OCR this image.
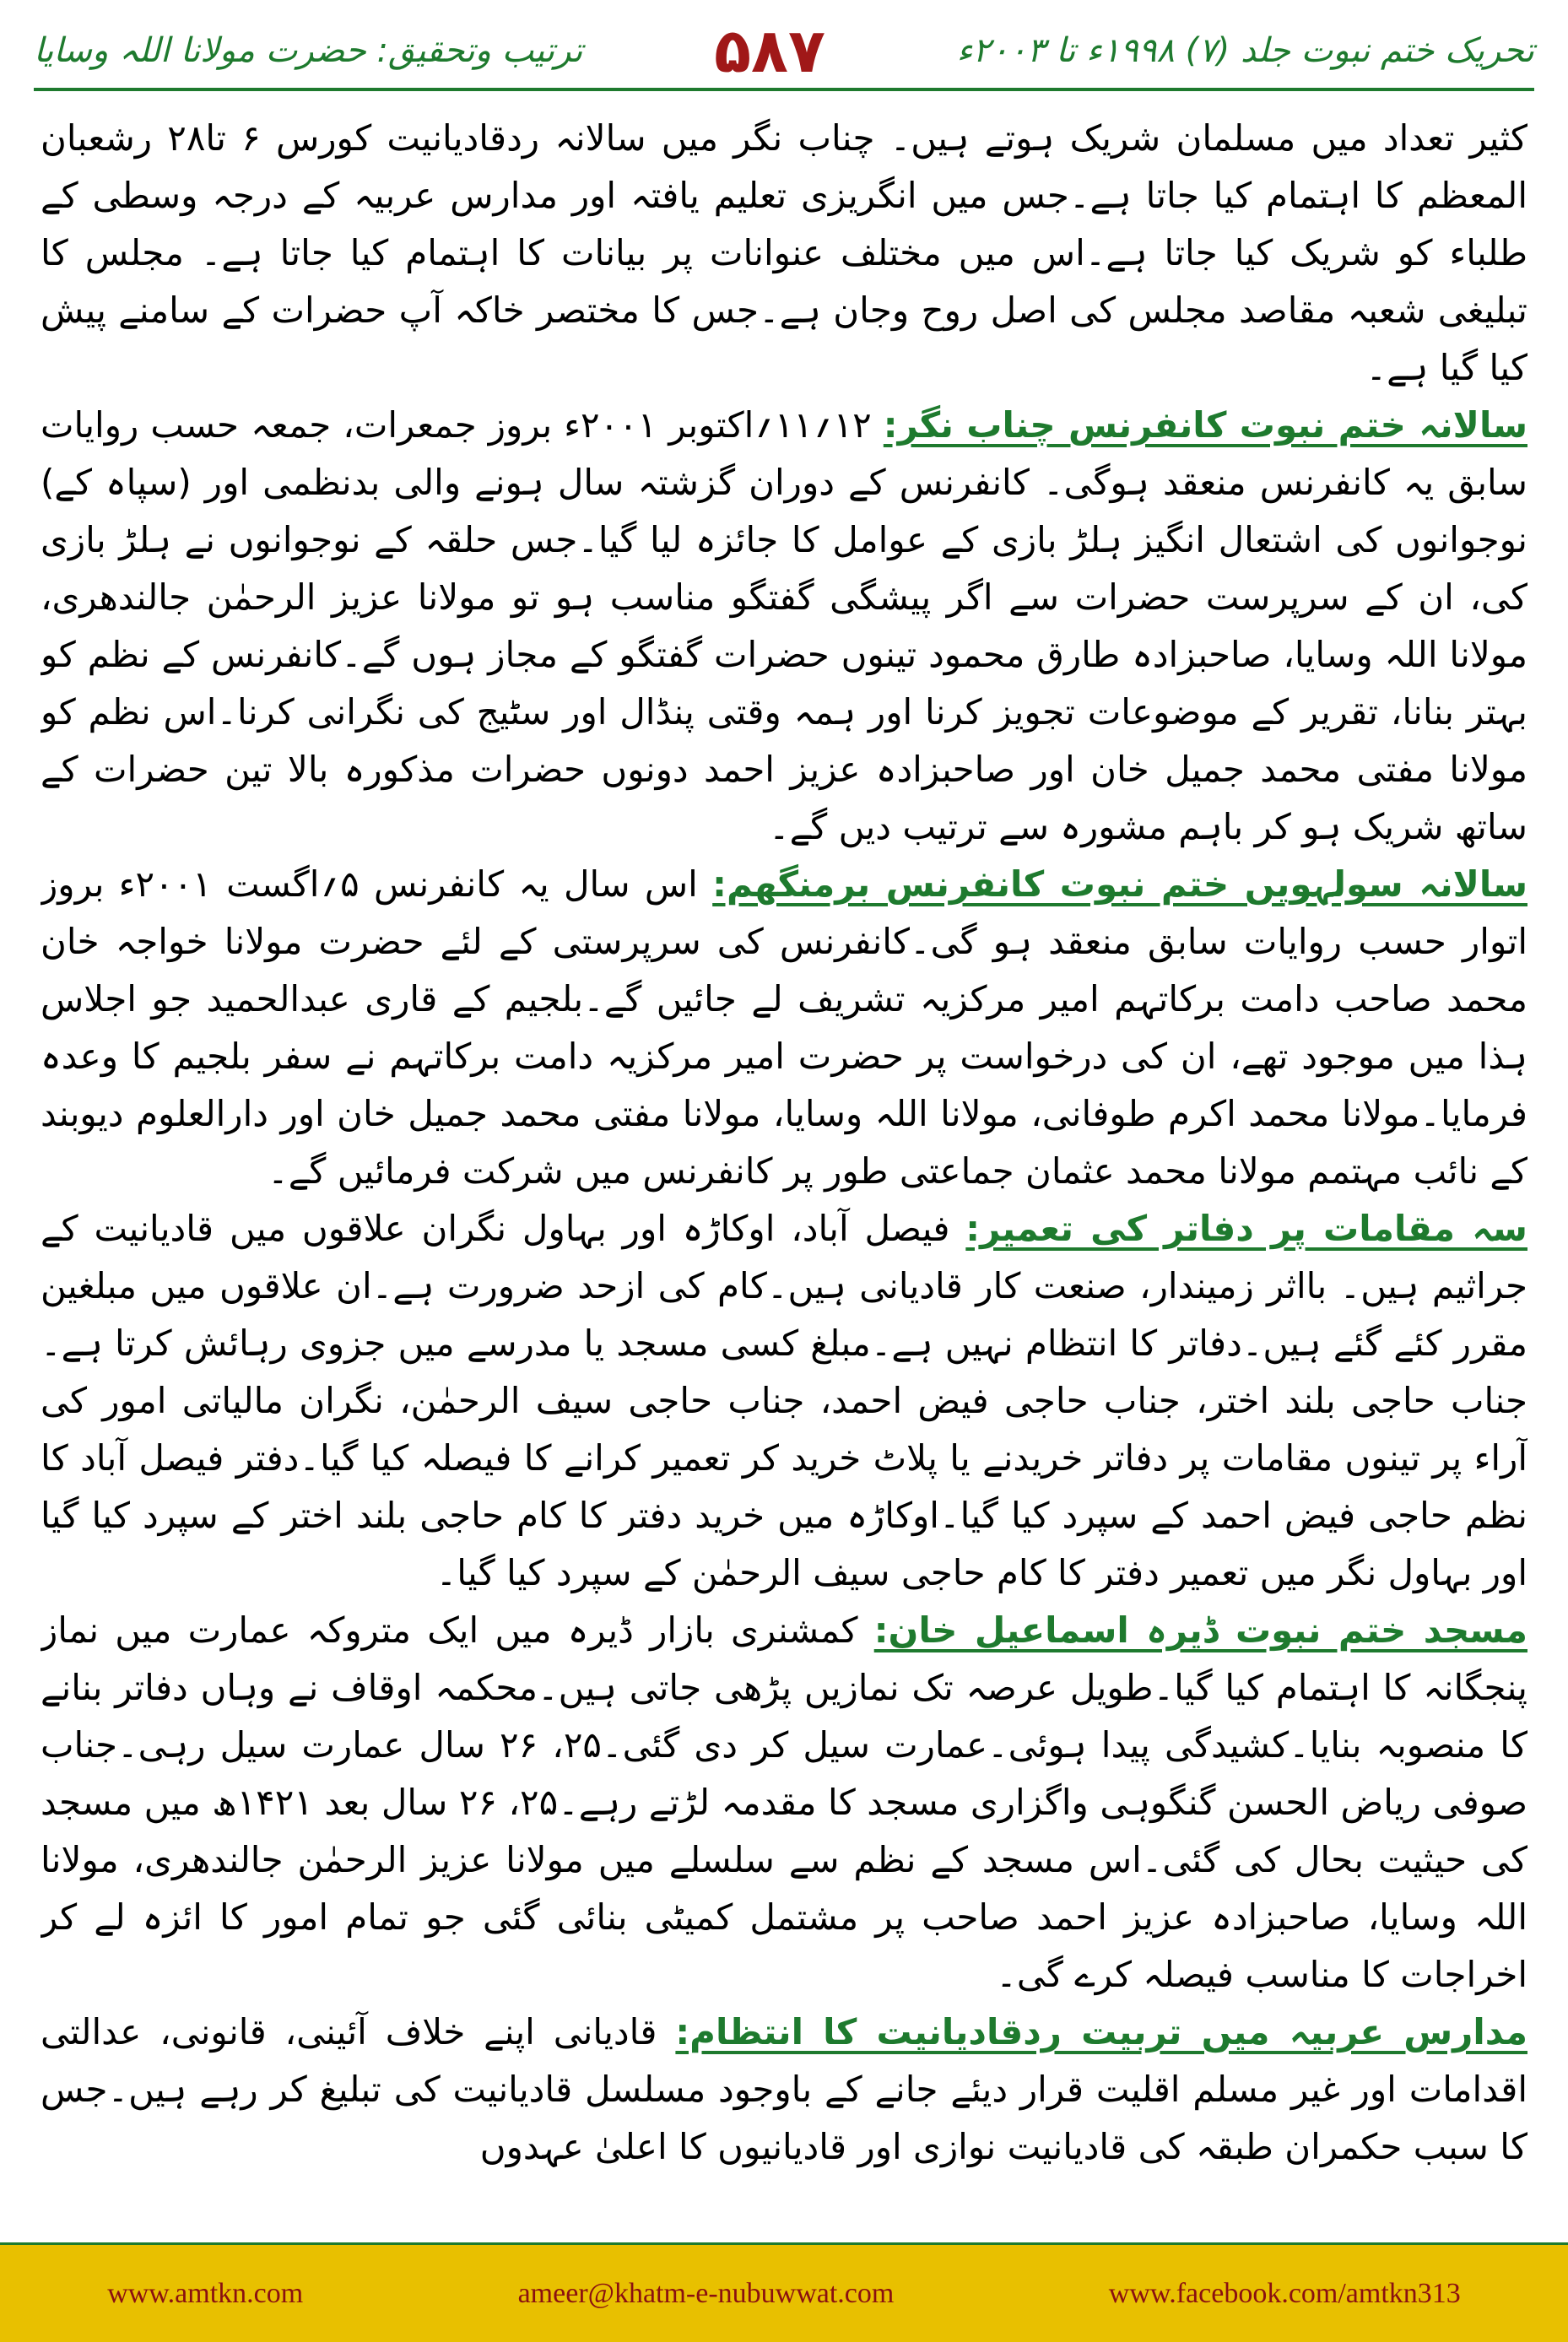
ترتیب وتحقیق: حضرت مولانا اللہ وسایا ۵۸۷	تحریک ختم نبوت جلد (۷) ۱۹۹۸ء تا ۲۰۰۳ء

کثیر تعداد میں مسلمان شریک ہوتے ہیں۔ چناب نگر میں سالانہ ردقادیانیت کورس ۶ تا۲۸ رشعبان المعظم کا اہتمام کیا جاتا ہے۔جس میں انگریزی تعلیم یافتہ اور مدارس عربیہ کے درجہ وسطی کے طلباء کو شریک کیا جاتا ہے۔اس میں مختلف عنوانات پر بیانات کا اہتمام کیا جاتا ہے۔ مجلس کا تبلیغی شعبہ مقاصد مجلس کی اصل روح وجان ہے۔جس کا مختصر خاکہ آپ حضرات کے سامنے پیش کیا گیا ہے۔

سالانہ ختم نبوت کانفرنس چناب نگر: ۱۲؍۱۱؍اکتوبر ۲۰۰۱ء بروز جمعرات، جمعہ حسب روایات سابق یہ کانفرنس منعقد ہوگی۔ کانفرنس کے دوران گزشتہ سال ہونے والی بدنظمی اور (سپاہ کے) نوجوانوں کی اشتعال انگیز ہلڑ بازی کے عوامل کا جائزہ لیا گیا۔جس حلقہ کے نوجوانوں نے ہلڑ بازی کی، ان کے سرپرست حضرات سے اگر پیشگی گفتگو مناسب ہو تو مولانا عزیز الرحمٰن جالندھری، مولانا اللہ وسایا، صاحبزادہ طارق محمود تینوں حضرات گفتگو کے مجاز ہوں گے۔کانفرنس کے نظم کو بہتر بنانا، تقریر کے موضوعات تجویز کرنا اور ہمہ وقتی پنڈال اور سٹیج کی نگرانی کرنا۔اس نظم کو مولانا مفتی محمد جمیل خان اور صاحبزادہ عزیز احمد دونوں حضرات مذکورہ بالا تین حضرات کے ساتھ شریک ہو کر باہم مشورہ سے ترتیب دیں گے۔

سالانہ سولہویں ختم نبوت کانفرنس برمنگھم: اس سال یہ کانفرنس ۵؍اگست ۲۰۰۱ء بروز اتوار حسب روایات سابق منعقد ہو گی۔کانفرنس کی سرپرستی کے لئے حضرت مولانا خواجہ خان محمد صاحب دامت برکاتہم امیر مرکزیہ تشریف لے جائیں گے۔بلجیم کے قاری عبدالحمید جو اجلاس ہذا میں موجود تھے، ان کی درخواست پر حضرت امیر مرکزیہ دامت برکاتہم نے سفر بلجیم کا وعدہ فرمایا۔مولانا محمد اکرم طوفانی، مولانا اللہ وسایا، مولانا مفتی محمد جمیل خان اور دارالعلوم دیوبند کے نائب مہتمم مولانا محمد عثمان جماعتی طور پر کانفرنس میں شرکت فرمائیں گے۔

سہ مقامات پر دفاتر کی تعمیر: فیصل آباد، اوکاڑہ اور بہاول نگران علاقوں میں قادیانیت کے جراثیم ہیں۔ بااثر زمیندار، صنعت کار قادیانی ہیں۔کام کی ازحد ضرورت ہے۔ان علاقوں میں مبلغین مقرر کئے گئے ہیں۔دفاتر کا انتظام نہیں ہے۔مبلغ کسی مسجد یا مدرسے میں جزوی رہائش کرتا ہے۔جناب حاجی بلند اختر، جناب حاجی فیض احمد، جناب حاجی سیف الرحمٰن، نگران مالیاتی امور کی آراء پر تینوں مقامات پر دفاتر خریدنے یا پلاٹ خرید کر تعمیر کرانے کا فیصلہ کیا گیا۔دفتر فیصل آباد کا نظم حاجی فیض احمد کے سپرد کیا گیا۔اوکاڑہ میں خرید دفتر کا کام حاجی بلند اختر کے سپرد کیا گیا اور بہاول نگر میں تعمیر دفتر کا کام حاجی سیف الرحمٰن کے سپرد کیا گیا۔

مسجد ختم نبوت ڈیرہ اسماعیل خان: کمشنری بازار ڈیرہ میں ایک متروکہ عمارت میں نماز پنجگانہ کا اہتمام کیا گیا۔طویل عرصہ تک نمازیں پڑھی جاتی ہیں۔محکمہ اوقاف نے وہاں دفاتر بنانے کا منصوبہ بنایا۔کشیدگی پیدا ہوئی۔عمارت سیل کر دی گئی۔۲۵، ۲۶ سال عمارت سیل رہی۔جناب صوفی ریاض الحسن گنگوہی واگزاری مسجد کا مقدمہ لڑتے رہے۔۲۵، ۲۶ سال بعد ۱۴۲۱ھ میں مسجد کی حیثیت بحال کی گئی۔اس مسجد کے نظم سے سلسلے میں مولانا عزیز الرحمٰن جالندھری، مولانا اللہ وسایا، صاحبزادہ عزیز احمد صاحب پر مشتمل کمیٹی بنائی گئی جو تمام امور کا ائزہ لے کر اخراجات کا مناسب فیصلہ کرے گی۔

مدارس عربیہ میں تربیت ردقادیانیت کا انتظام: قادیانی اپنے خلاف آئینی، قانونی، عدالتی اقدامات اور غیر مسلم اقلیت قرار دیئے جانے کے باوجود مسلسل قادیانیت کی تبلیغ کر رہے ہیں۔جس کا سبب حکمران طبقہ کی قادیانیت نوازی اور قادیانیوں کا اعلیٰ عہدوں

www.amtkn.com	ameer@khatm-e-nubuwwat.com	www.facebook.com/amtkn313
